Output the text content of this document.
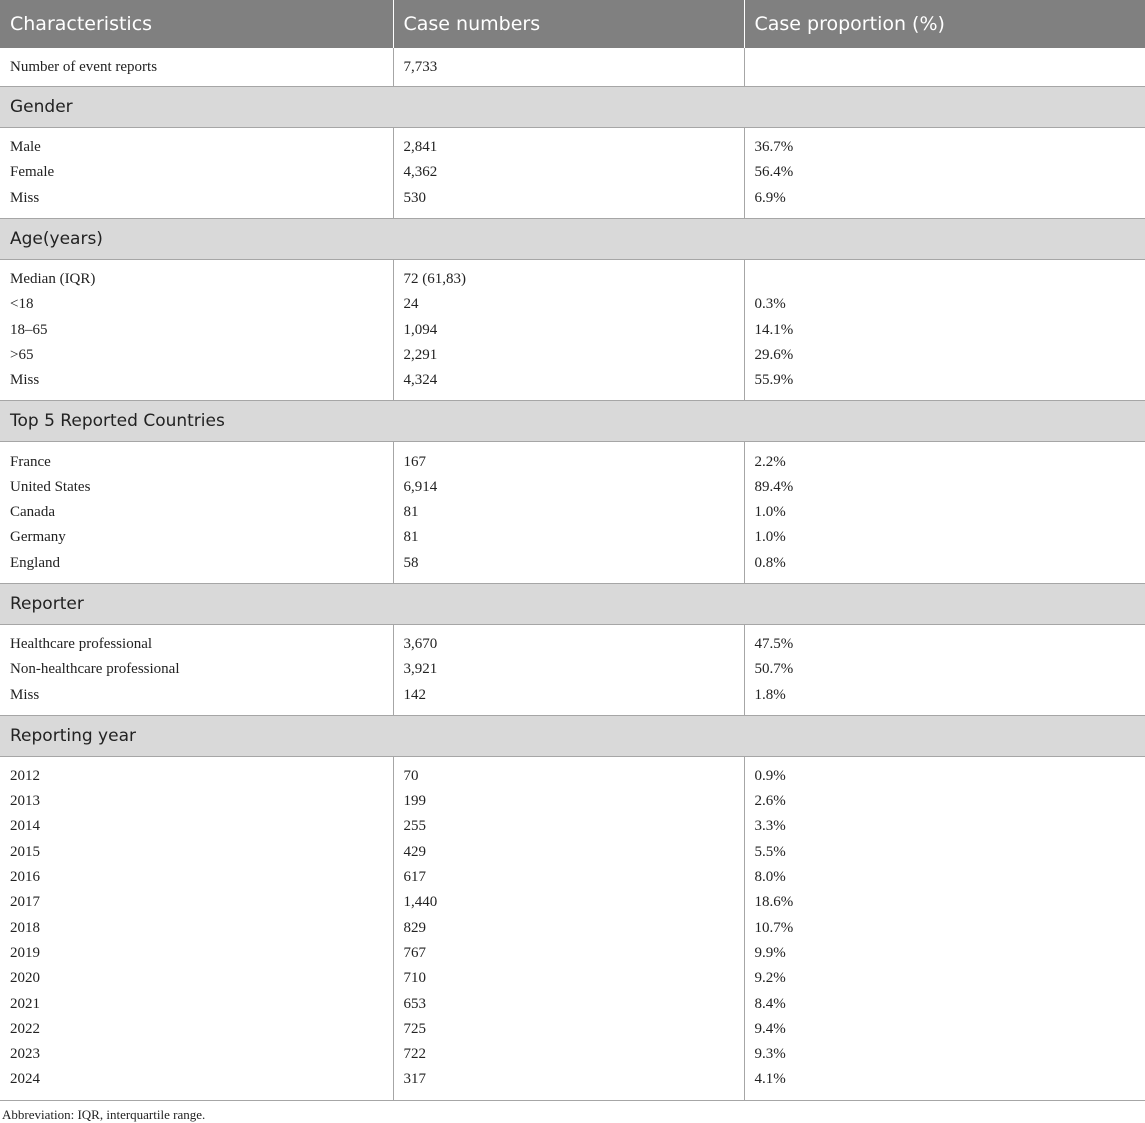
Characteristics	Case numbers	Case proportion (%)
Number of event reports	7,733	
Gender		
Male	2,841	36.7%
Female	4,362	56.4%
Miss	530	6.9%
Age(years)		
Median (IQR)	72 (61,83)	
<18	24	0.3%
18–65	1,094	14.1%
>65	2,291	29.6%
Miss	4,324	55.9%
Top 5 Reported Countries		
France	167	2.2%
United States	6,914	89.4%
Canada	81	1.0%
Germany	81	1.0%
England	58	0.8%
Reporter		
Healthcare professional	3,670	47.5%
Non-healthcare professional	3,921	50.7%
Miss	142	1.8%
Reporting year		
2012	70	0.9%
2013	199	2.6%
2014	255	3.3%
2015	429	5.5%
2016	617	8.0%
2017	1,440	18.6%
2018	829	10.7%
2019	767	9.9%
2020	710	9.2%
2021	653	8.4%
2022	725	9.4%
2023	722	9.3%
2024	317	4.1%
Abbreviation: IQR, interquartile range.
